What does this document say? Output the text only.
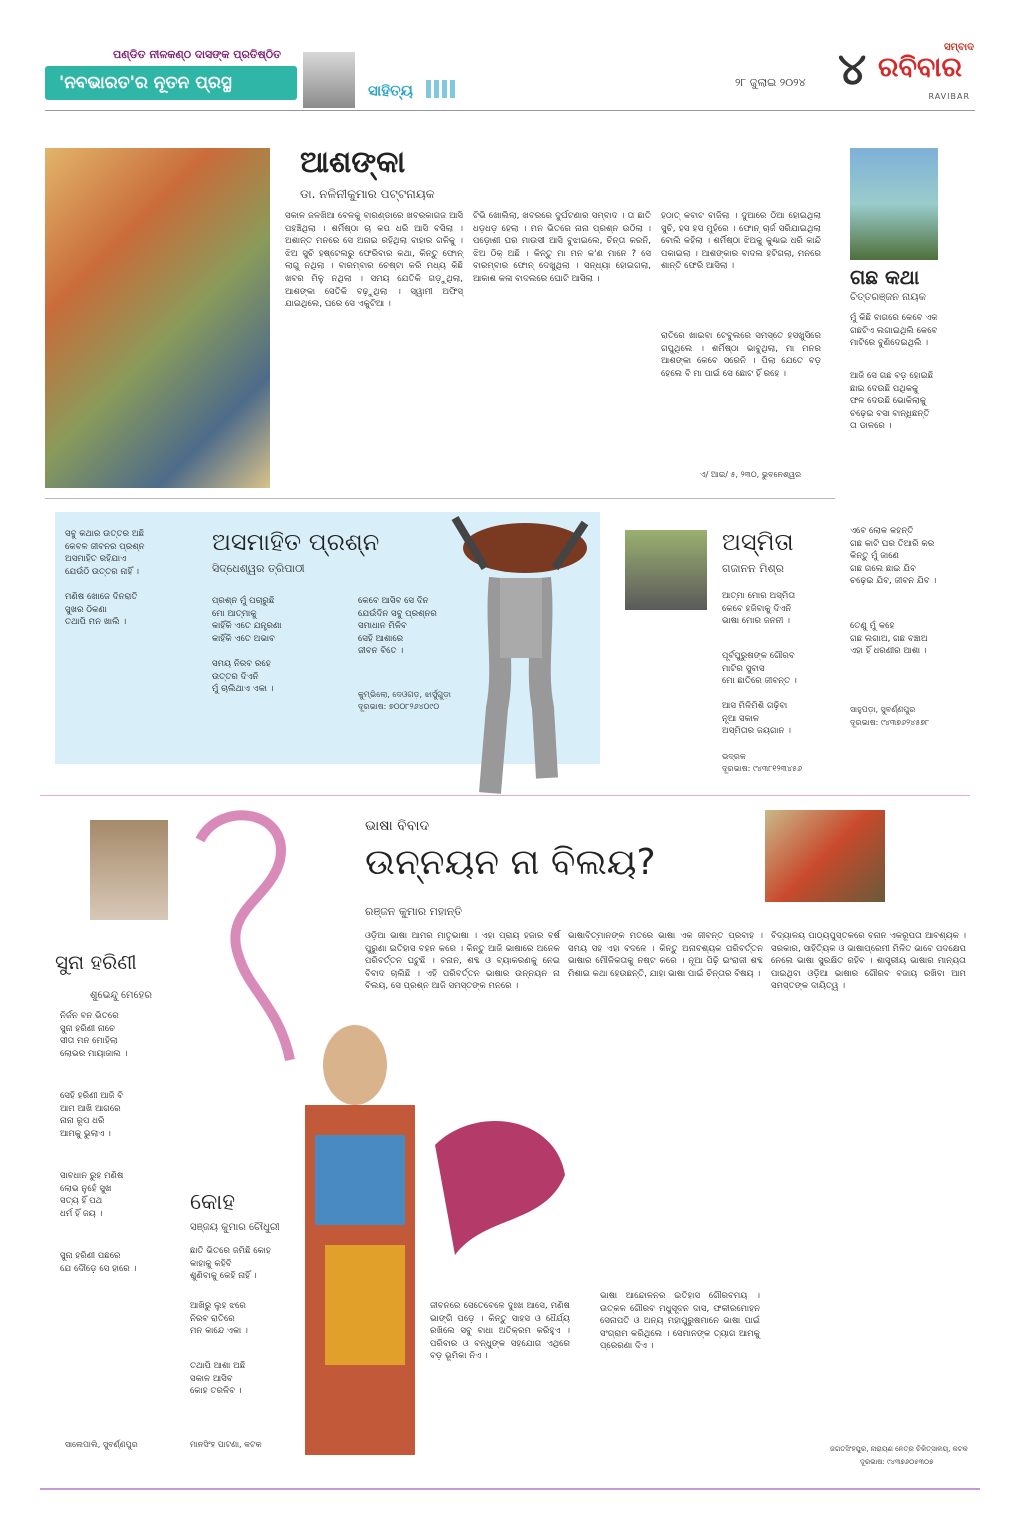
ପଣ୍ଡିତ ନୀଳକଣ୍ଠ ଦାସଙ୍କ ପ୍ରତିଷ୍ଠିତ
'ନବଭାରତ'ର ନୂତନ ପ୍ରସ୍ଥ	ସାହିତ୍ୟ	୨୮ ଜୁଲାଇ ୨୦୨୪ ୪	ସମ୍ବାଦ
ରବିବାର
RAVIBAR
ଆଶଙ୍କା
ଡା. ନଳିନୀକୁମାର ପଟ୍ଟନାୟକ
ସକାଳ ଜଳଖିଆ ବେଳକୁ ବାରଣ୍ଡାରେ ଖବରକାଗଜ ଆସି ପହଞ୍ଚିଥିଲା । ଶର୍ମିଷ୍ଠା ଚା କପ ଧରି ଆସି ବସିଲା । ଅଶାନ୍ତ ମନରେ ସେ ଅନାଇ ରହିଥିଲା ବାହାର ଗଳିକୁ । ଝିଅ ସୁଚି ହଷ୍ଟେଲରୁ ଫେରିବାର କଥା, କିନ୍ତୁ ଫୋନ୍ ଲାଗୁ ନଥିଲା । ବାରମ୍ବାର ଚେଷ୍ଟା କରି ମଧ୍ୟ କିଛି ଖବର ମିଳୁ ନଥିଲା । ସମୟ ଯେତିକି ଗଡ଼ୁଥିଲା, ଆଶଙ୍କା ସେତିକି ବଢ଼ୁଥିଲା । ସ୍ୱାମୀ ଅଫିସ୍ ଯାଇଥିଲେ, ଘରେ ସେ ଏକୁଟିଆ ।
ଟିଭି ଖୋଲିଲା, ଖବରରେ ଦୁର୍ଘଟଣାର ସମ୍ବାଦ । ତା ଛାତି ଧଡ଼ଧଡ଼ ହେଲା । ମନ ଭିତରେ ନାନା ପ୍ରଶ୍ନ ଉଠିଲା । ପଡ଼ୋଶୀ ଘର ମାଉସୀ ଆସି ବୁଝାଇଲେ, ଚିନ୍ତା କରନି, ଝିଅ ଠିକ୍ ଅଛି । କିନ୍ତୁ ମା ମନ କ'ଣ ମାନେ ? ସେ ବାରମ୍ବାର ଫୋନ୍ ଦେଖୁଥିଲା । ସନ୍ଧ୍ୟା ହୋଇଗଲା, ଆକାଶ କଳା ବାଦଲରେ ଘୋଟି ଆସିଲା ।
ହଠାତ୍ କବାଟ ବାଜିଲା । ଦୁଆରେ ଠିଆ ହୋଇଥିଲା ସୁଚି, ହସ ହସ ମୁହଁରେ । ଫୋନ୍ ଚାର୍ଜ ସରିଯାଇଥିଲା ବୋଲି କହିଲା । ଶର୍ମିଷ୍ଠା ଝିଅକୁ କୁଣ୍ଢାଇ ଧରି କାନ୍ଦି ପକାଇଲା । ଆଶଙ୍କାର ବାଦଲ ହଟିଗଲା, ମନରେ ଶାନ୍ତି ଫେରି ଆସିଲା ।
ରାତିରେ ଖାଇବା ଟେବୁଲରେ ସମସ୍ତେ ହସଖୁସିରେ ଗପୁଥିଲେ । ଶର୍ମିଷ୍ଠା ଭାବୁଥିଲା, ମା ମନର ଆଶଙ୍କା କେବେ ସରେନି । ପିଲା ଯେତେ ବଡ଼ ହେଲେ ବି ମା ପାଇଁ ସେ ଛୋଟ ହିଁ ରହେ ।
ଏ/ ଆଇ/ ୫, ୨୩୦, ଭୁବନେଶ୍ୱର
ଗଛ କଥା
ଚିତ୍ତରଞ୍ଜନ ନାୟକ
ମୁଁ କିଛି ବାଗରେ କେବେ ଏକ
ଗଛଟିଏ ଲଗାଇଥିଲି କେବେ
ମାଟିରେ ବୁଣିଦେଇଥିଲି ।
ଆଜି ସେ ଗଛ ବଡ଼ ହୋଇଛି
ଛାଇ ଦେଉଛି ପଥିକକୁ
ଫଳ ଦେଉଛି ଭୋକିଲାକୁ
ଚଢ଼େଇ ବସା ବାନ୍ଧିଛନ୍ତି
ତା ଡାଳରେ ।
ଏବେ ଲୋକ କହନ୍ତି
ଗଛ କାଟି ଘର ତିଆରି କର
କିନ୍ତୁ ମୁଁ ଜାଣେ
ଗଛ ଗଲେ ଛାଇ ଯିବ
ଚଢ଼େଇ ଯିବ, ଜୀବନ ଯିବ ।
ତେଣୁ ମୁଁ କହେ
ଗଛ ଲଗାଅ, ଗଛ ବଞ୍ଚାଅ
ଏହା ହିଁ ଧରଣୀର ଆଶା ।
ସାହୁପଡ଼ା, ସୁବର୍ଣ୍ଣପୁର
ଦୂରଭାଷ: ୯୪୩୭୬୨୪୫୭୮
ଅସମାହିତ ପ୍ରଶ୍ନ
ସିଦ୍ଧେଶ୍ୱର ତ୍ରିପାଠୀ
ସବୁ କଥାର ଉତ୍ତର ଅଛି
କେବଳ ଜୀବନର ପ୍ରଶ୍ନ
ଅସମାହିତ ରହିଯାଏ
ଯେଉଁଠି ଉତ୍ତର ନାହିଁ ।

ମଣିଷ ଖୋଜେ ଦିନରାତି
ସୁଖର ଠିକଣା
ତଥାପି ମନ ଖାଲି ।
ପ୍ରଶ୍ନ ମୁଁ ପଚାରୁଛି
ମୋ ଆତ୍ମାକୁ
କାହିଁକି ଏତେ ଯନ୍ତ୍ରଣା
କାହିଁକି ଏତେ ଅଭାବ

ସମୟ ନିରବ ରହେ
ଉତ୍ତର ଦିଏନି
ମୁଁ ଚାଲିଥାଏ ଏକା ।
କେବେ ଆସିବ ସେ ଦିନ
ଯେଉଁଦିନ ସବୁ ପ୍ରଶ୍ନର
ସମାଧାନ ମିଳିବ
ସେହି ଆଶାରେ
ଜୀବନ ବିତେ ।
କୁମ୍ଭିଲୋ, ଦେଓଗଡ଼, ଝାର୍ସୁଗୁଡ଼ା
ଦୂରଭାଷ: ୭୦୦୮୨୬୪୦୯୦
ଅସ୍ମିତା
ଗଜାନନ ମିଶ୍ର
ଆତ୍ମା ମୋର ଅସ୍ମିତା
କେବେ ହଜିବାକୁ ଦିଏନି
ଭାଷା ମୋର ଜନନୀ ।
ପୂର୍ବପୁରୁଷଙ୍କ ଗୌରବ
ମାଟିର ସୁବାସ
ମୋ ଛାତିରେ ଜୀବନ୍ତ ।
ଆସ ମିଳିମିଶି ଗଢ଼ିବା
ନୂଆ ସକାଳ
ଅସ୍ମିତାର ଜୟଗାନ ।
ଭଦ୍ରକ
ଦୂରଭାଷ: ୯୪୩୮୧୨୩୪୫୬
ଭାଷା ବିବାଦ
ଉନ୍ନୟନ ନା ବିଲୟ?
ରଞ୍ଜନ କୁମାର ମହାନ୍ତି
ଓଡ଼ିଆ ଭାଷା ଆମର ମାତୃଭାଷା । ଏହା ପ୍ରାୟ ହଜାର ବର୍ଷ ପୁରୁଣା ଇତିହାସ ବହନ କରେ । କିନ୍ତୁ ଆଜି ଭାଷାରେ ଅନେକ ପରିବର୍ତ୍ତନ ଘଟୁଛି । ବନାନ, ଶବ୍ଦ ଓ ବ୍ୟାକରଣକୁ ନେଇ ବିବାଦ ଚାଲିଛି । ଏହି ପରିବର୍ତ୍ତନ ଭାଷାର ଉନ୍ନୟନ ନା ବିଲୟ, ସେ ପ୍ରଶ୍ନ ଆଜି ସମସ୍ତଙ୍କ ମନରେ ।
ଭାଷାବିତ୍‌ମାନଙ୍କ ମତରେ ଭାଷା ଏକ ଜୀବନ୍ତ ପ୍ରବାହ । ସମୟ ସହ ଏହା ବଦଳେ । କିନ୍ତୁ ଅନାବଶ୍ୟକ ପରିବର୍ତ୍ତନ ଭାଷାର ମୌଳିକତାକୁ ନଷ୍ଟ କରେ । ନୂଆ ପିଢ଼ି ଇଂରାଜୀ ଶବ୍ଦ ମିଶାଇ କଥା ହେଉଛନ୍ତି, ଯାହା ଭାଷା ପାଇଁ ଚିନ୍ତାର ବିଷୟ ।
ବିଦ୍ୟାଳୟ ପାଠ୍ୟପୁସ୍ତକରେ ବନାନ ଏକରୂପତା ଆବଶ୍ୟକ । ସରକାର, ସାହିତ୍ୟିକ ଓ ଭାଷାପ୍ରେମୀ ମିଳିତ ଭାବେ ପଦକ୍ଷେପ ନେଲେ ଭାଷା ସୁରକ୍ଷିତ ରହିବ । ଶାସ୍ତ୍ରୀୟ ଭାଷାର ମାନ୍ୟତା ପାଇଥିବା ଓଡ଼ିଆ ଭାଷାର ଗୌରବ ବଜାୟ ରଖିବା ଆମ ସମସ୍ତଙ୍କ ଦାୟିତ୍ୱ ।
ଜଗତସିଂହପୁର, ନାରାୟଣ ନେତ୍ର ଚିକିତ୍ସାଳୟ, କଟକ
ଦୂରଭାଷ: ୯୪୩୭୬୦୫୩୦୭
ଜୀବନରେ ସେତେବେଳେ ଦୁଃଖ ଆସେ, ମଣିଷ ଭାଙ୍ଗି ପଡ଼େ । କିନ୍ତୁ ସାହସ ଓ ଧୈର୍ଯ୍ୟ ରଖିଲେ ସବୁ ବାଧା ଅତିକ୍ରମ କରିହୁଏ । ପରିବାର ଓ ବନ୍ଧୁଙ୍କ ସହଯୋଗ ଏଥିରେ ବଡ଼ ଭୂମିକା ନିଏ ।
ଭାଷା ଆନ୍ଦୋଳନର ଇତିହାସ ଗୌରବମୟ । ଉତ୍କଳ ଗୌରବ ମଧୁସୂଦନ ଦାସ, ଫକୀରମୋହନ ସେନାପତି ଓ ଅନ୍ୟ ମହାପୁରୁଷମାନେ ଭାଷା ପାଇଁ ସଂଗ୍ରାମ କରିଥିଲେ । ସେମାନଙ୍କ ତ୍ୟାଗ ଆମକୁ ପ୍ରେରଣା ଦିଏ ।
ସୁନା ହରିଣୀ
ଶୁଭେନ୍ଦୁ ମେହେର
ନିର୍ଜନ ବନ ଭିତରେ
ସୁନା ହରିଣୀ ନାଚେ
ସୀତା ମନ ମୋହିଲା
ଲୋଭର ମାୟାଜାଲ ।
ସେହି ହରିଣୀ ଆଜି ବି
ଆମ ଆଖି ଆଗରେ
ନାନା ରୂପ ଧରି
ଆମକୁ ଭୁଲାଏ ।
ସାବଧାନ ରୁହ ମଣିଷ
ଲୋଭ ନୁହେଁ ସୁଖ
ସତ୍ୟ ହିଁ ପଥ
ଧର୍ମ ହିଁ ଜୟ ।
ସୁନା ହରିଣୀ ପଛରେ
ଯେ ଦୌଡ଼େ ସେ ହାରେ ।
ସାଲେପାଲି, ସୁବର୍ଣ୍ଣପୁର
କୋହ
ସଞ୍ଜୟ କୁମାର ଚୌଧୁରୀ
ଛାତି ଭିତରେ ଜମିଛି କୋହ
କାହାକୁ କହିବି
ଶୁଣିବାକୁ କେହି ନାହିଁ ।
ଆଖିରୁ ଲୁହ ଝରେ
ନିରବ ରାତିରେ
ମନ କାନ୍ଦେ ଏକା ।
ତଥାପି ଆଶା ଅଛି
ସକାଳ ଆସିବ
କୋହ ତରଳିବ ।
ମାନସିଂହ ପାଟଣା, କଟକ
